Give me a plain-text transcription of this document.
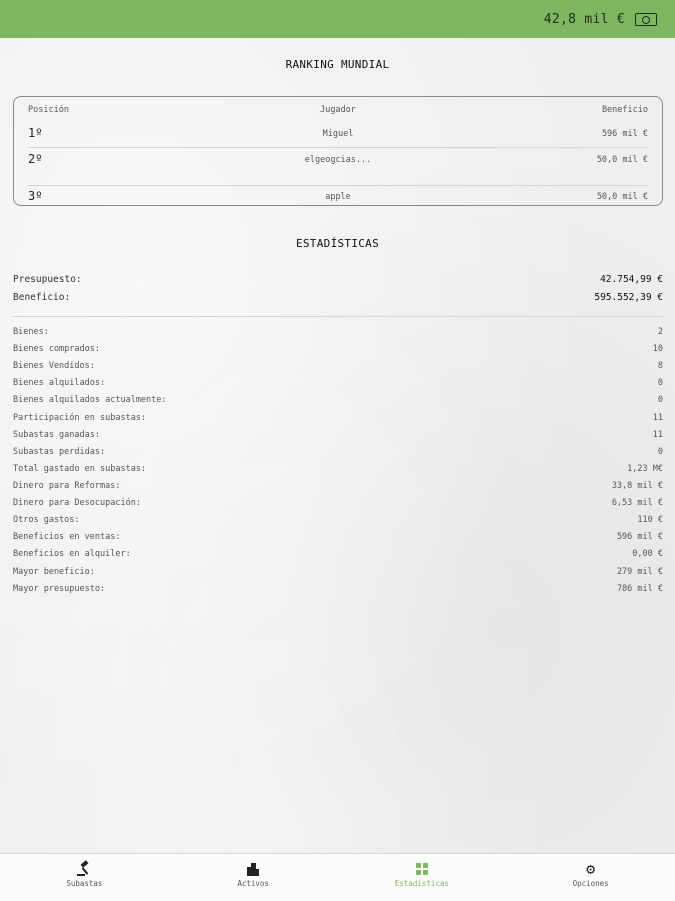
42,8 mil €
RANKING MUNDIAL
Posición	Jugador	Beneficio
1º	Miguel	596 mil €
2º	elgeogcias...	50,0 mil €
3º	apple	50,0 mil €
ESTADÍSTICAS
Presupuesto:	42.754,99 €
Beneficio:	595.552,39 €
Bienes:	2
Bienes comprados:	10
Bienes Vendidos:	8
Bienes alquilados:	0
Bienes alquilados actualmente:	0
Participación en subastas:	11
Subastas ganadas:	11
Subastas perdidas:	0
Total gastado en subastas:	1,23 M€
Dinero para Reformas:	33,8 mil €
Dinero para Desocupación:	6,53 mil €
Otros gastos:	110 €
Beneficios en ventas:	596 mil €
Beneficios en alquiler:	0,00 €
Mayor beneficio:	279 mil €
Mayor presupuesto:	786 mil €
Subastas	Activos	Estadísticas
⚙
Opciones
